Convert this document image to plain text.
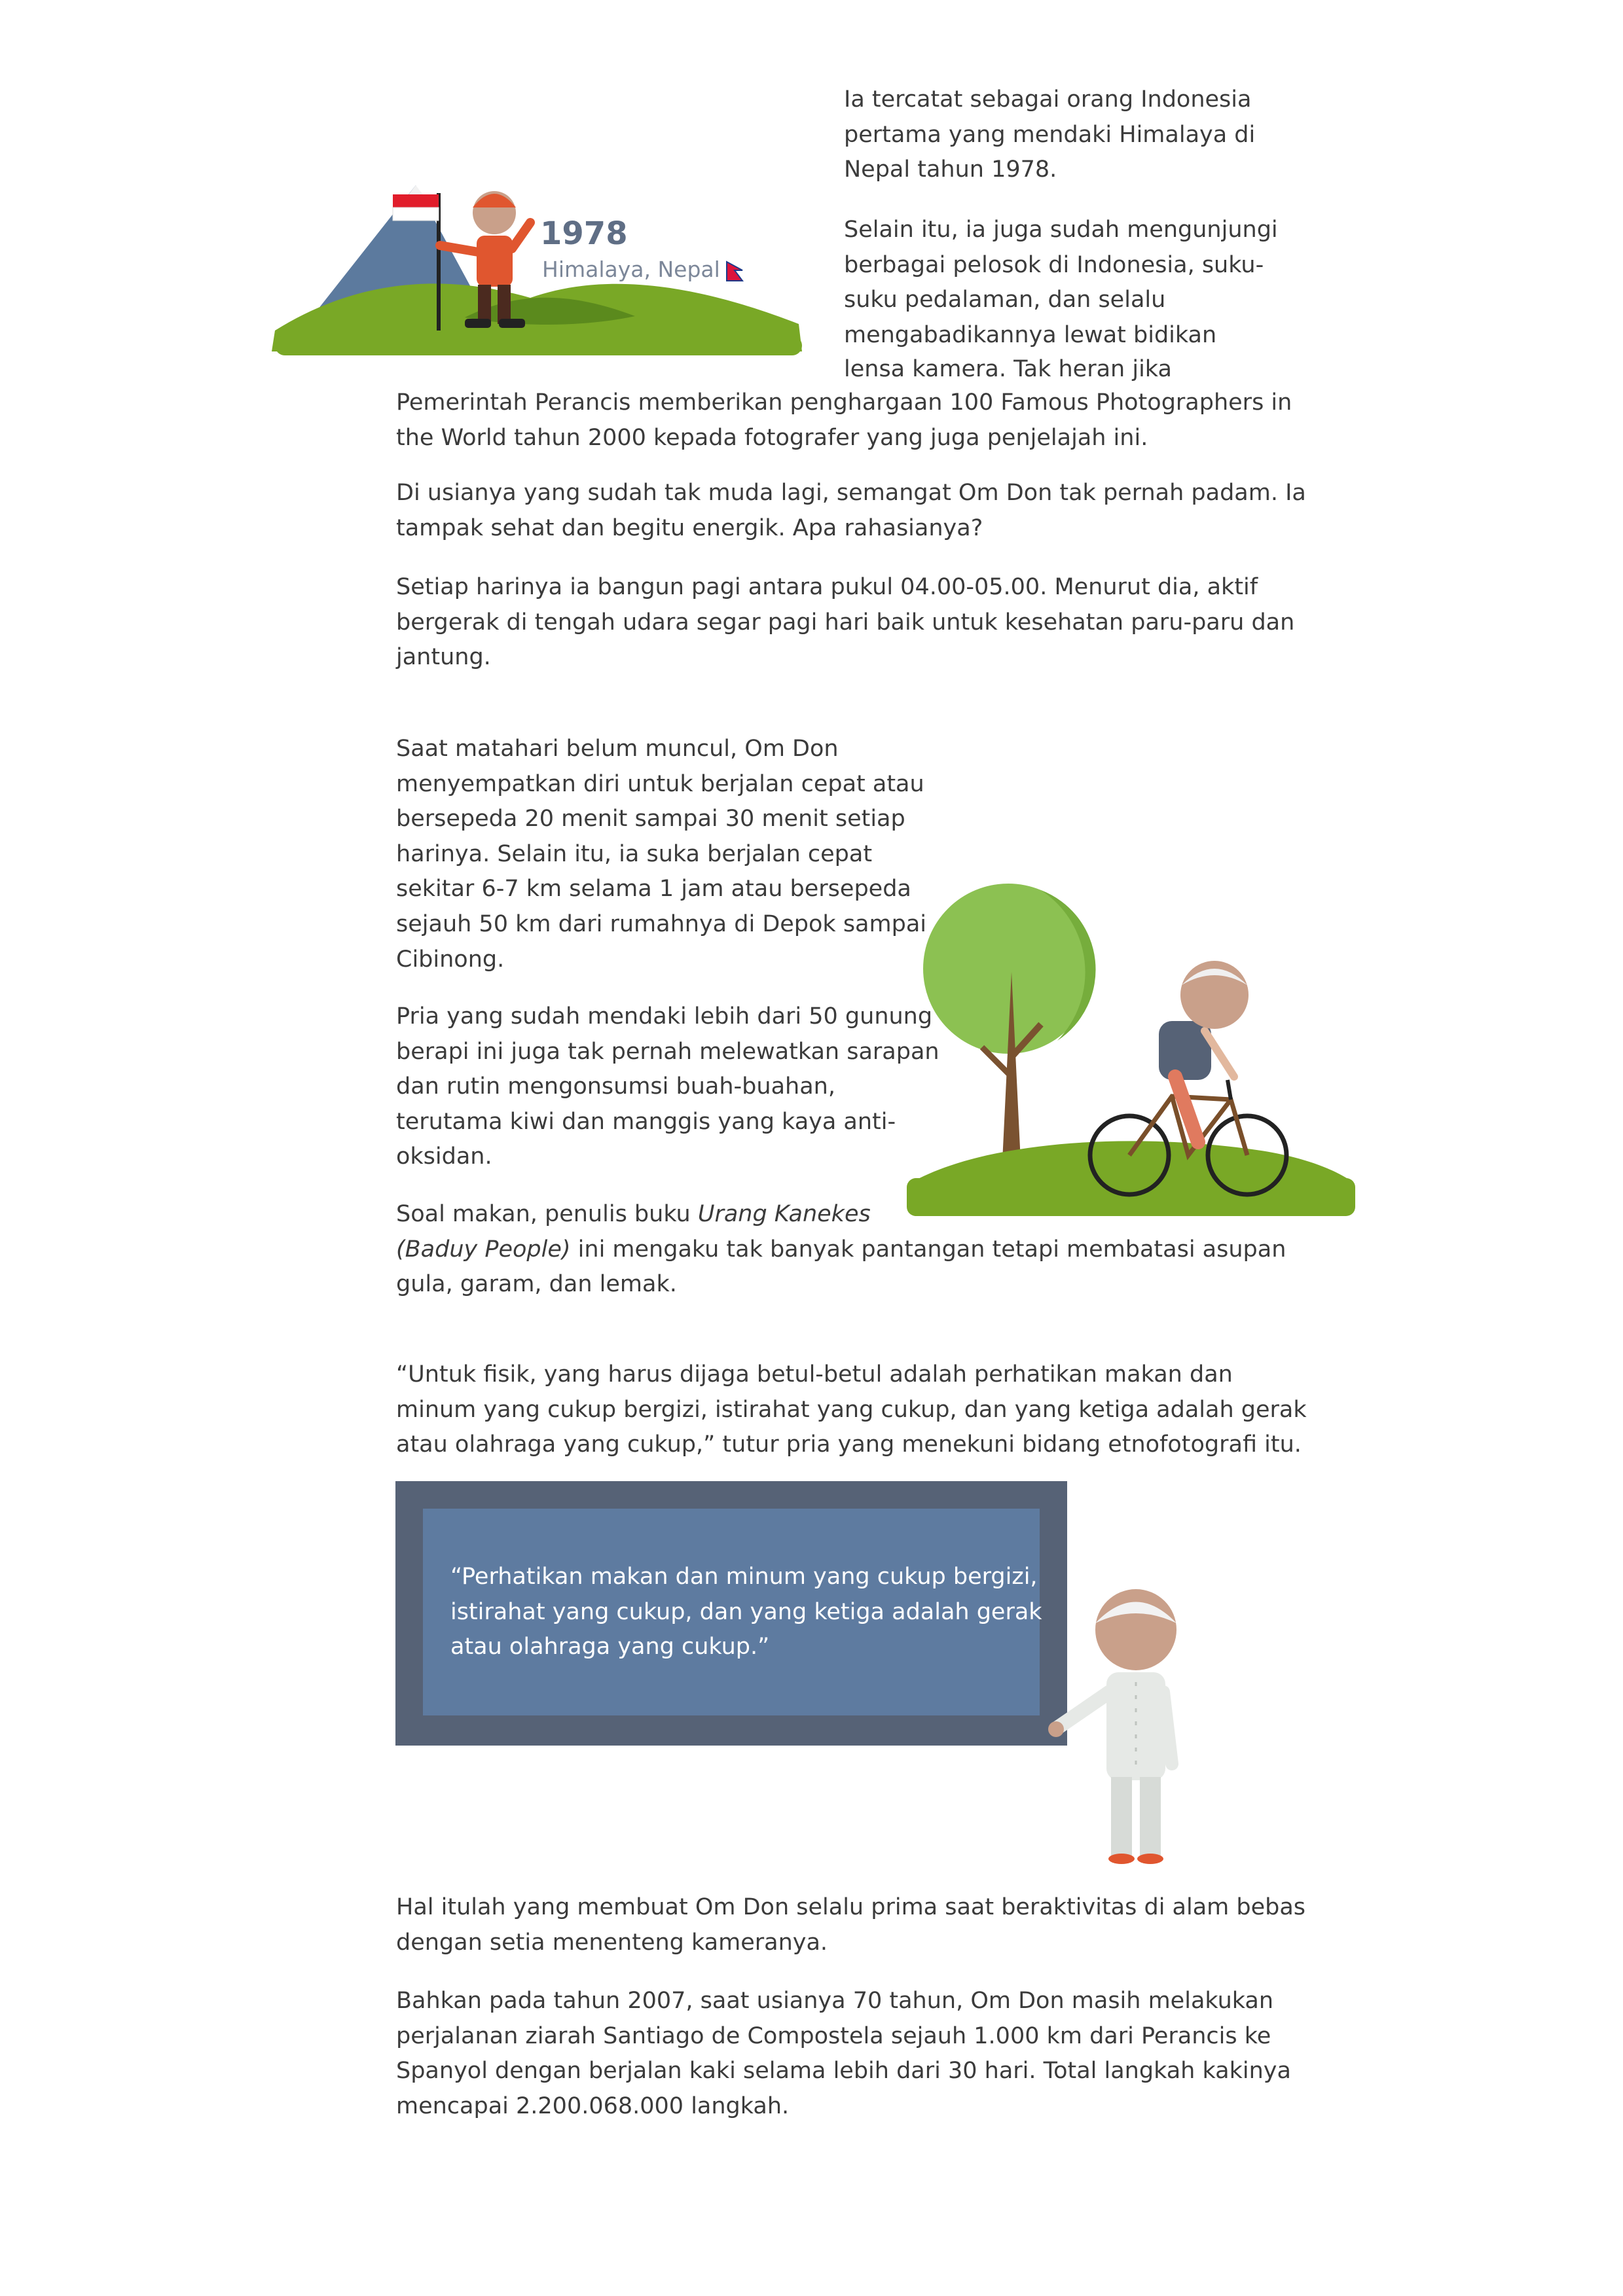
1978
Himalaya, Nepal

Ia tercatat sebagai orang Indonesia
pertama yang mendaki Himalaya di
Nepal tahun 1978.

Selain itu, ia juga sudah mengunjungi
berbagai pelosok di Indonesia, suku-
suku pedalaman, dan selalu
mengabadikannya lewat bidikan
lensa kamera. Tak heran jika
Pemerintah Perancis memberikan penghargaan 100 Famous Photographers in
the World tahun 2000 kepada fotografer yang juga penjelajah ini.

Di usianya yang sudah tak muda lagi, semangat Om Don tak pernah padam. Ia
tampak sehat dan begitu energik. Apa rahasianya?

Setiap harinya ia bangun pagi antara pukul 04.00-05.00. Menurut dia, aktif
bergerak di tengah udara segar pagi hari baik untuk kesehatan paru-paru dan
jantung.

Saat matahari belum muncul, Om Don
menyempatkan diri untuk berjalan cepat atau
bersepeda 20 menit sampai 30 menit setiap
harinya. Selain itu, ia suka berjalan cepat
sekitar 6-7 km selama 1 jam atau bersepeda
sejauh 50 km dari rumahnya di Depok sampai
Cibinong.

Pria yang sudah mendaki lebih dari 50 gunung
berapi ini juga tak pernah melewatkan sarapan
dan rutin mengonsumsi buah-buahan,
terutama kiwi dan manggis yang kaya anti-
oksidan.

Soal makan, penulis buku Urang Kanekes
(Baduy People) ini mengaku tak banyak pantangan tetapi membatasi asupan
gula, garam, dan lemak.

“Untuk fisik, yang harus dijaga betul-betul adalah perhatikan makan dan
minum yang cukup bergizi, istirahat yang cukup, dan yang ketiga adalah gerak
atau olahraga yang cukup,” tutur pria yang menekuni bidang etnofotografi itu.

“Perhatikan makan dan minum yang cukup bergizi,
istirahat yang cukup, dan yang ketiga adalah gerak
atau olahraga yang cukup.”

Hal itulah yang membuat Om Don selalu prima saat beraktivitas di alam bebas
dengan setia menenteng kameranya.

Bahkan pada tahun 2007, saat usianya 70 tahun, Om Don masih melakukan
perjalanan ziarah Santiago de Compostela sejauh 1.000 km dari Perancis ke
Spanyol dengan berjalan kaki selama lebih dari 30 hari. Total langkah kakinya
mencapai 2.200.068.000 langkah.
